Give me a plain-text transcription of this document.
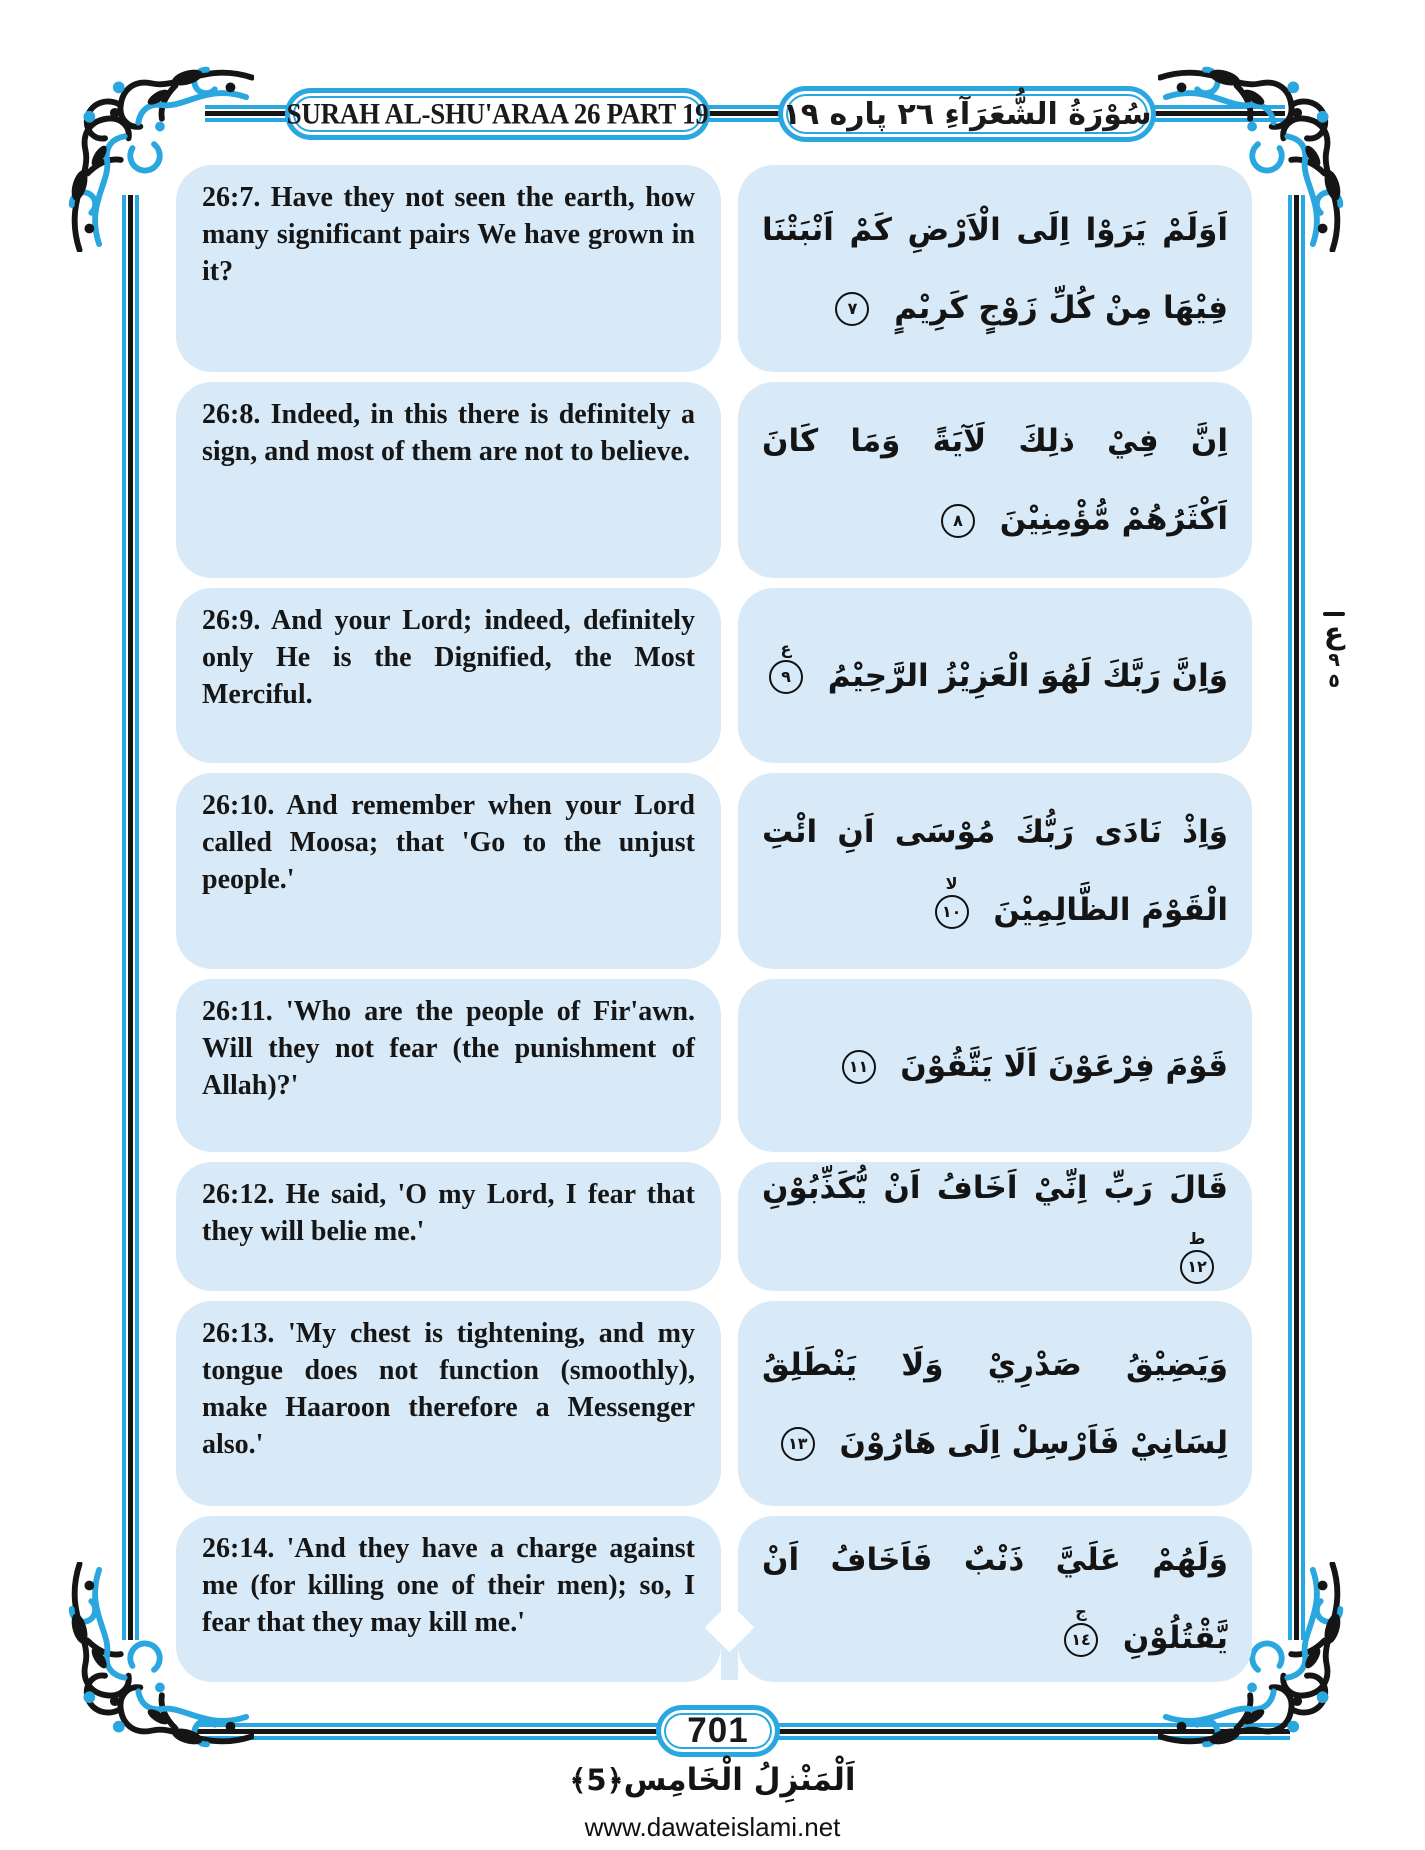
SURAH AL-SHU'ARAA 26 PART 19 سُوْرَةُ الشُّعَرَآءِ ٢٦ پاره ١٩

26:7. Have they not seen the earth, how many significant pairs We have grown in it?

اَوَلَمْ يَرَوْا اِلَى الْاَرْضِ كَمْ اَنْبَتْنَا فِيْهَا مِنْ كُلِّ زَوْجٍ كَرِيْمٍ
٧

26:8. Indeed, in this there is definitely a sign, and most of them are not to believe. اِنَّ فِيْ ذلِكَ لَآيَةً وَمَا كَانَ اَكْثَرُهُمْ مُّؤْمِنِيْنَ
٨

26:9. And your Lord; indeed, definitely only He is the Dignified, the Most Merciful.

وَاِنَّ رَبَّكَ لَهُوَ الْعَزِيْزُ الرَّحِيْمُ
٩
ع

26:10. And remember when your Lord called Moosa; that 'Go to the unjust people.'

وَاِذْ نَادَى رَبُّكَ مُوْسَى اَنِ ائْتِ الْقَوْمَ الظَّالِمِيْنَ
١٠
لا

26:11. 'Who are the people of Fir'awn. Will they not fear (the punishment of Allah)?'

قَوْمَ فِرْعَوْنَ اَلَا يَتَّقُوْنَ
١١

26:12. He said, 'O my Lord, I fear that they will belie me.'

قَالَ رَبِّ اِنِّيْ اَخَافُ اَنْ يُّكَذِّبُوْنِ
١٢
ط

26:13. 'My chest is tightening, and my tongue does not function (smoothly), make Haaroon therefore a Messenger also.'

وَيَضِيْقُ صَدْرِيْ وَلَا يَنْطَلِقُ لِسَانِيْ فَاَرْسِلْ اِلَى هَارُوْنَ
١٣

26:14. 'And they have a charge against me (for killing one of their men); so, I fear that they may kill me.'

وَلَهُمْ عَلَيَّ ذَنْبٌ فَاَخَافُ اَنْ يَّقْتُلُوْنِ
١٤
ج

ع
٩
٥
701
اَلْمَنْزِلُ الْخَامِس﴿5﴾
www.dawateislami.net
